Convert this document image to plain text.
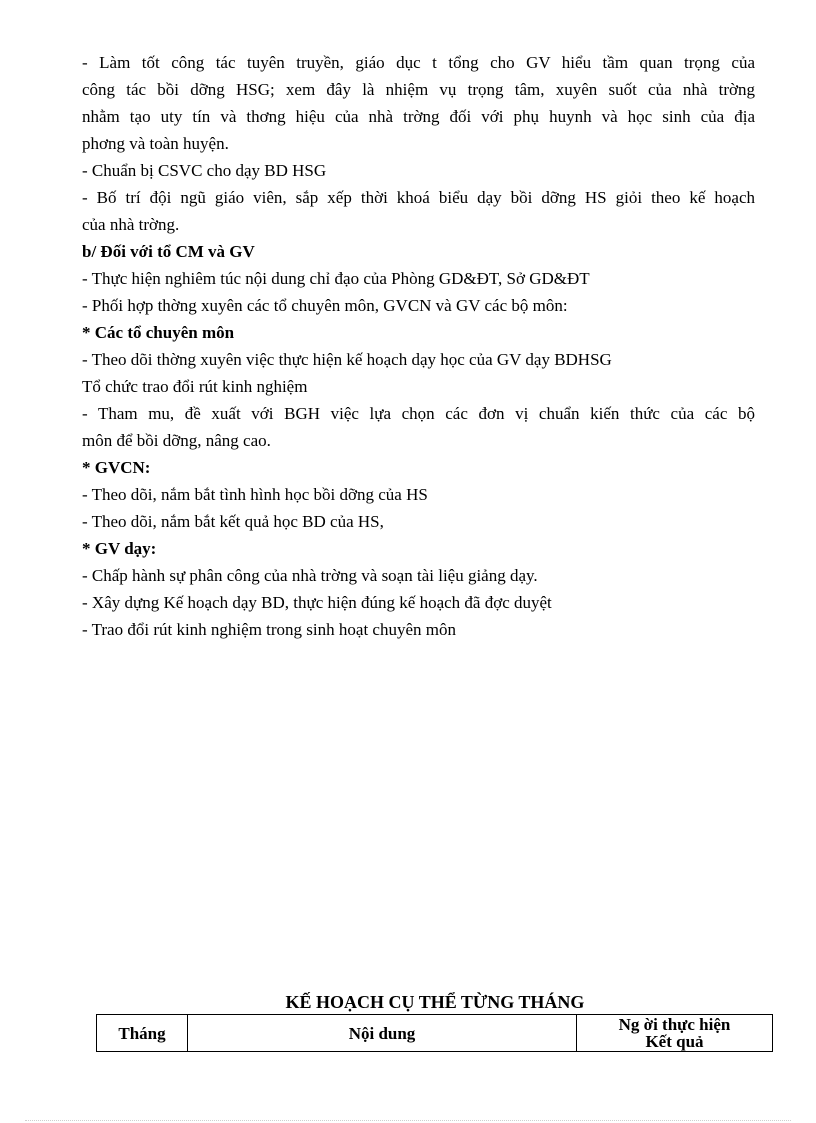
- Làm tốt công tác tuyên truyền, giáo dục t tổng cho GV hiểu tầm quan trọng của
công tác bồi dỡng HSG; xem đây là nhiệm vụ trọng tâm, xuyên suốt của nhà trờng
nhằm tạo uty tín và thơng hiệu của nhà trờng đối với phụ huynh và học sinh của địa
phơng và toàn huyện.
- Chuẩn bị CSVC cho dạy BD HSG
- Bố trí đội ngũ giáo viên, sắp xếp thời khoá biểu dạy bồi dỡng HS giỏi theo kế hoạch
của nhà trờng.
b/ Đối với tổ CM và GV
- Thực hiện nghiêm túc nội dung chỉ đạo của Phòng GD&ĐT, Sở GD&ĐT
- Phối hợp thờng xuyên các tổ chuyên môn, GVCN và GV các bộ môn:
* Các tổ chuyên môn
- Theo dõi thờng xuyên việc thực hiện kế hoạch dạy học của GV dạy BDHSG
Tổ chức trao đổi rút kinh nghiệm
- Tham mu, đề xuất với BGH việc lựa chọn các đơn vị chuẩn kiến thức của các bộ
môn để bồi dỡng, nâng cao.
* GVCN:
- Theo dõi, nắm bắt tình hình học bồi dỡng của HS
- Theo dõi, nắm bắt kết quả học BD của HS,
* GV dạy:
- Chấp hành sự phân công của nhà trờng và soạn tài liệu giảng dạy.
- Xây dựng Kế hoạch dạy BD, thực hiện đúng kế hoạch đã đợc duyệt
- Trao đổi rút kinh nghiệm trong sinh hoạt chuyên môn
KẾ HOẠCH CỤ THỂ TỪNG THÁNG
Tháng	Nội dung	Ng ời thực hiện
Kết quả
